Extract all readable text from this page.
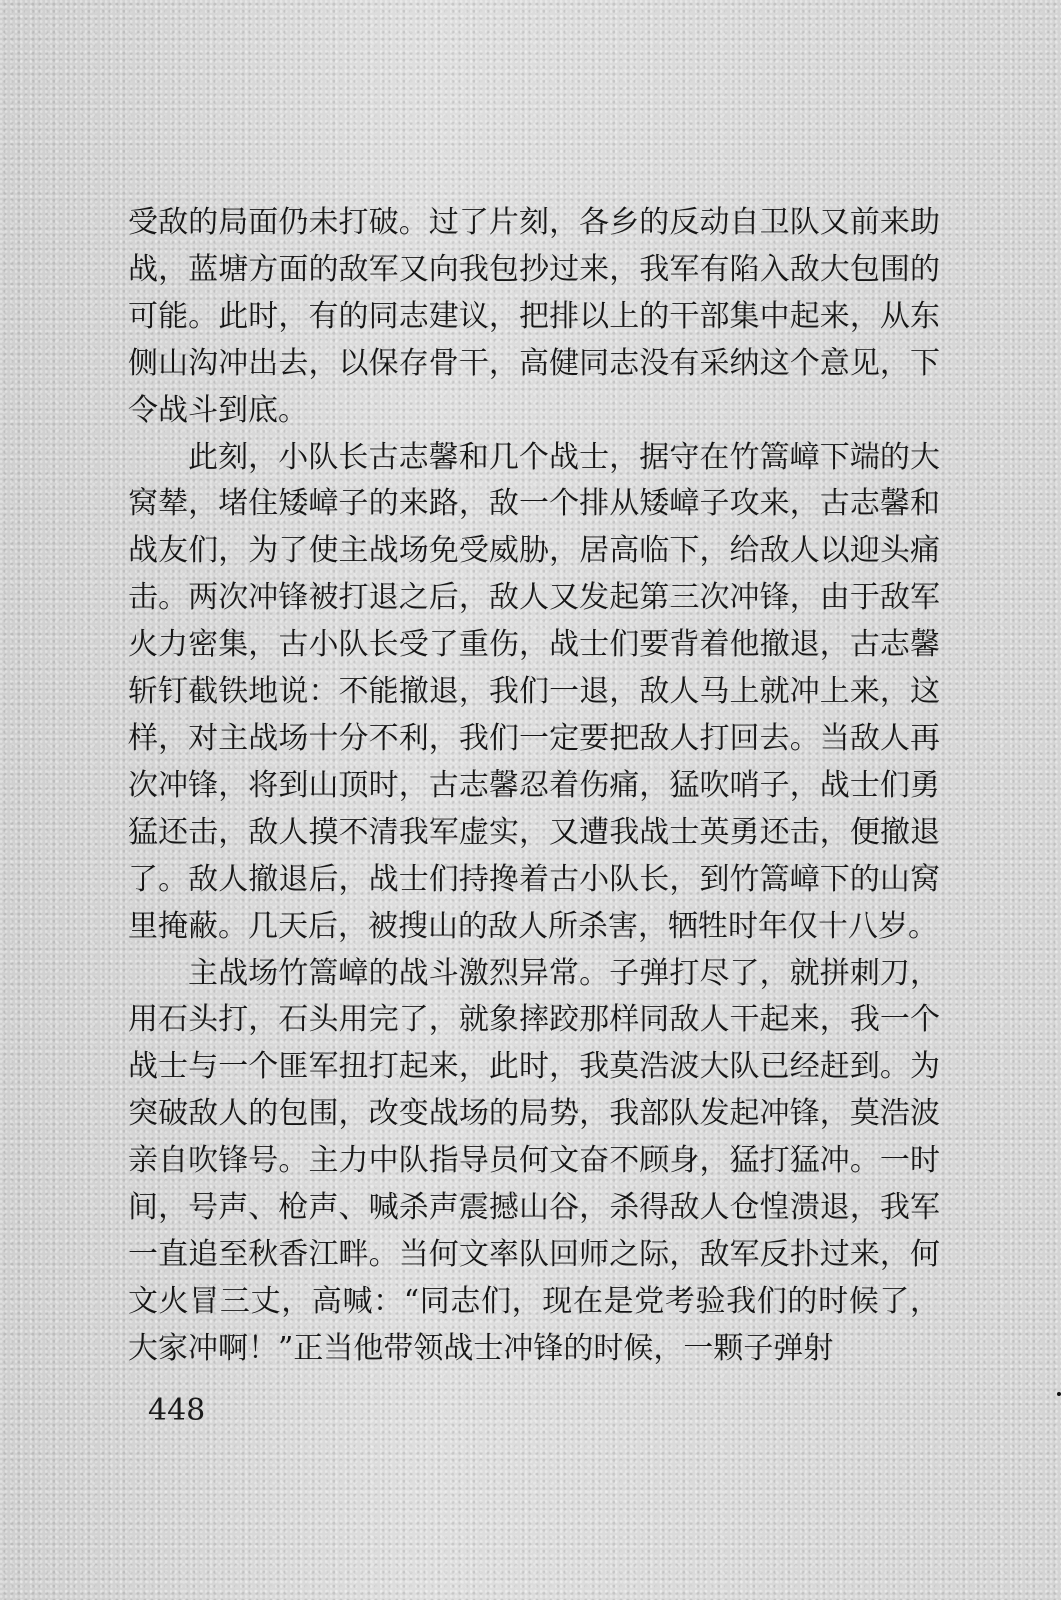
受敌的局面仍未打破。过了片刻，各乡的反动自卫队又前来助战，蓝塘方面的敌军又向我包抄过来，我军有陷入敌大包围的可能。此时，有的同志建议，把排以上的干部集中起来，从东侧山沟冲出去，以保存骨干，高健同志没有采纳这个意见，下令战斗到底。

此刻，小队长古志馨和几个战士，据守在竹篙嶂下端的大窝辇，堵住矮嶂子的来路，敌一个排从矮嶂子攻来，古志馨和战友们，为了使主战场免受威胁，居高临下，给敌人以迎头痛击。两次冲锋被打退之后，敌人又发起第三次冲锋，由于敌军火力密集，古小队长受了重伤，战士们要背着他撤退，古志馨斩钉截铁地说：不能撤退，我们一退，敌人马上就冲上来，这样，对主战场十分不利，我们一定要把敌人打回去。当敌人再次冲锋，将到山顶时，古志馨忍着伤痛，猛吹哨子，战士们勇猛还击，敌人摸不清我军虚实，又遭我战士英勇还击，便撤退了。敌人撤退后，战士们持搀着古小队长，到竹篙嶂下的山窝里掩蔽。几天后，被搜山的敌人所杀害，牺牲时年仅十八岁。

主战场竹篙嶂的战斗激烈异常。子弹打尽了，就拼刺刀，用石头打，石头用完了，就象摔跤那样同敌人干起来，我一个战士与一个匪军扭打起来，此时，我莫浩波大队已经赶到。为突破敌人的包围，改变战场的局势，我部队发起冲锋，莫浩波亲自吹锋号。主力中队指导员何文奋不顾身，猛打猛冲。一时间，号声、枪声、喊杀声震撼山谷，杀得敌人仓惶溃退，我军一直追至秋香江畔。当何文率队回师之际，敌军反扑过来，何文火冒三丈，高喊：“同志们，现在是党考验我们的时候了，大家冲啊！”正当他带领战士冲锋的时候，一颗子弹射

448
